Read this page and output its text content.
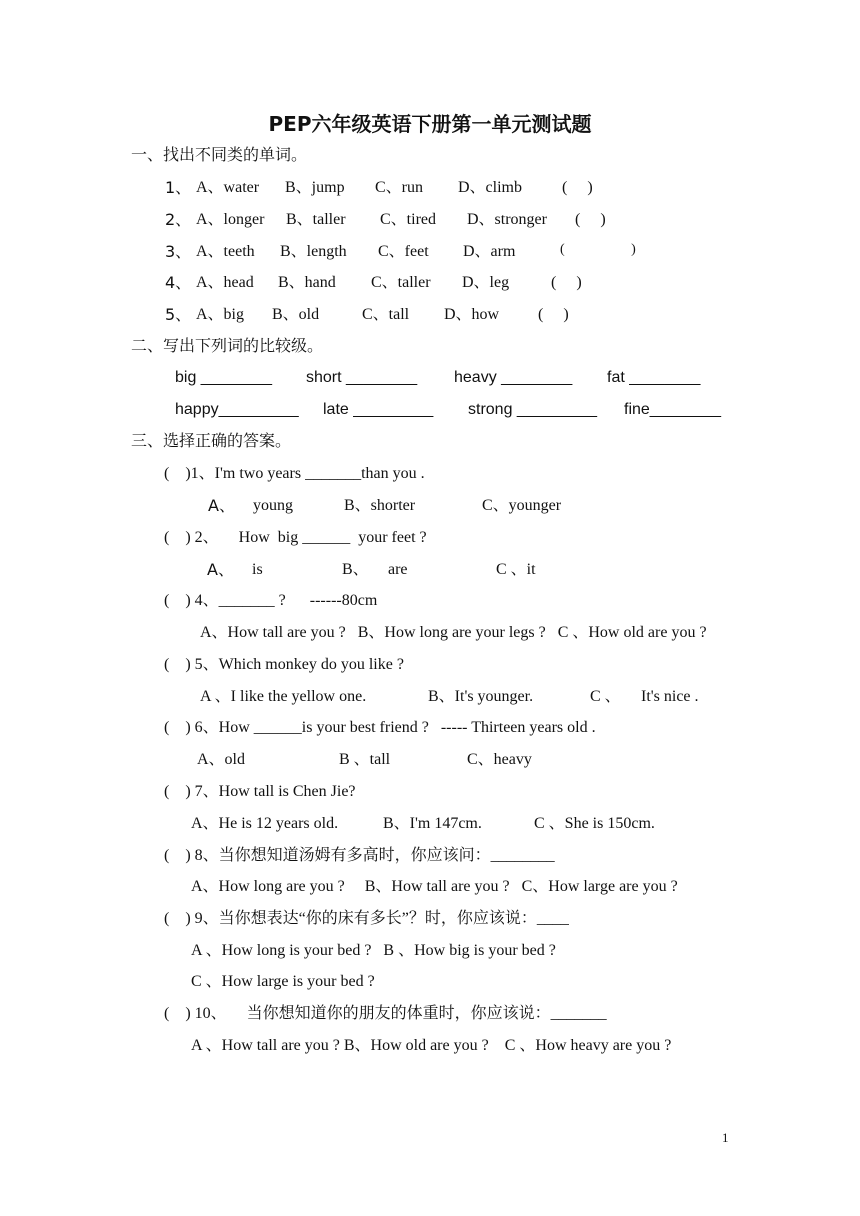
PEP六年级英语下册第一单元测试题
一、找出不同类的单词。
1、 A、water B、jump C、run D、climb	(     )
2、 A、longer B、taller C、tired D、stronger (     )
3、 A、teeth B、length C、feet D、arm	(                   )
4、 A、head B、hand C、taller D、leg	(     )
5、 A、big B、old	C、tall D、how (     )
二、写出下列词的比较级。
big ________ short ________ heavy ________ fat ________
happy_________ late _________ strong _________ fine________
三、选择正确的答案。
(    )1、I'm two years _______than you .
A、 young	B、shorter	C、younger
(    ) 2、     How  big ______  your feet ?
A、 is	B、 are	C 、it
(    ) 4、_______ ?      ------80cm
A、How tall are you ?   B、How long are your legs ?   C 、How old are you ?
(    ) 5、Which monkey do you like ?
A 、I like the yellow one.	B、It's younger.	C 、 It's nice .
(    ) 6、How ______is your best friend ?   ----- Thirteen years old .
A、old	B 、tall	C、heavy
(    ) 7、How tall is Chen Jie?
A、He is 12 years old.	B、I'm 147cm.	C 、She is 150cm.
(    ) 8、当你想知道汤姆有多高时，你应该问：________
A、How long are you ?     B、How tall are you ?   C、How large are you ?
(    ) 9、当你想表达“你的床有多长”？时，你应该说：____
A 、How long is your bed ?   B 、How big is your bed ?
C 、How large is your bed ?
(    ) 10、     当你想知道你的朋友的体重时，你应该说：_______
A 、How tall are you ? B、How old are you ?    C 、How heavy are you ?
1
